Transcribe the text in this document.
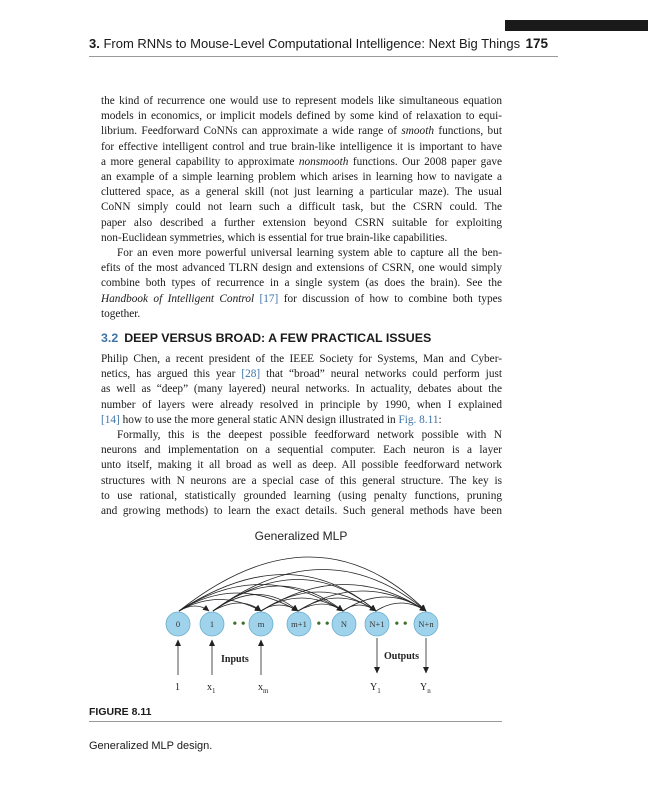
3. From RNNs to Mouse-Level Computational Intelligence: Next Big Things 175
the kind of recurrence one would use to represent models like simultaneous equation
models in economics, or implicit models defined by some kind of relaxation to equi-
librium. Feedforward CoNNs can approximate a wide range of smooth functions, but
for effective intelligent control and true brain-like intelligence it is important to have
a more general capability to approximate nonsmooth functions. Our 2008 paper gave
an example of a simple learning problem which arises in learning how to navigate a
cluttered space, as a general skill (not just learning a particular maze). The usual
CoNN simply could not learn such a difficult task, but the CSRN could. The
paper also described a further extension beyond CSRN suitable for exploiting
non-Euclidean symmetries, which is essential for true brain-like capabilities.
For an even more powerful universal learning system able to capture all the ben-
efits of the most advanced TLRN design and extensions of CSRN, one would simply
combine both types of recurrence in a single system (as does the brain). See the
Handbook of Intelligent Control [17] for discussion of how to combine both types
together.
3.2 DEEP VERSUS BROAD: A FEW PRACTICAL ISSUES
Philip Chen, a recent president of the IEEE Society for Systems, Man and Cyber-
netics, has argued this year [28] that “broad” neural networks could perform just
as well as “deep” (many layered) neural networks. In actuality, debates about the
number of layers were already resolved in principle by 1990, when I explained
[14] how to use the more general static ANN design illustrated in Fig. 8.11:
Formally, this is the deepest possible feedforward network possible with N
neurons and implementation on a sequential computer. Each neuron is a layer
unto itself, making it all broad as well as deep. All possible feedforward network
structures with N neurons are a special case of this general structure. The key is
to use rational, statistically grounded learning (using penalty functions, pruning
and growing methods) to learn the exact details. Such general methods have been
Generalized MLP
0	1 • • m	m+1 • • N	N+1 • • N+n
Inputs	Outputs
1	$x_1$	$x_m$	$Y_1$	$Y_n$
FIGURE 8.11
Generalized MLP design.
